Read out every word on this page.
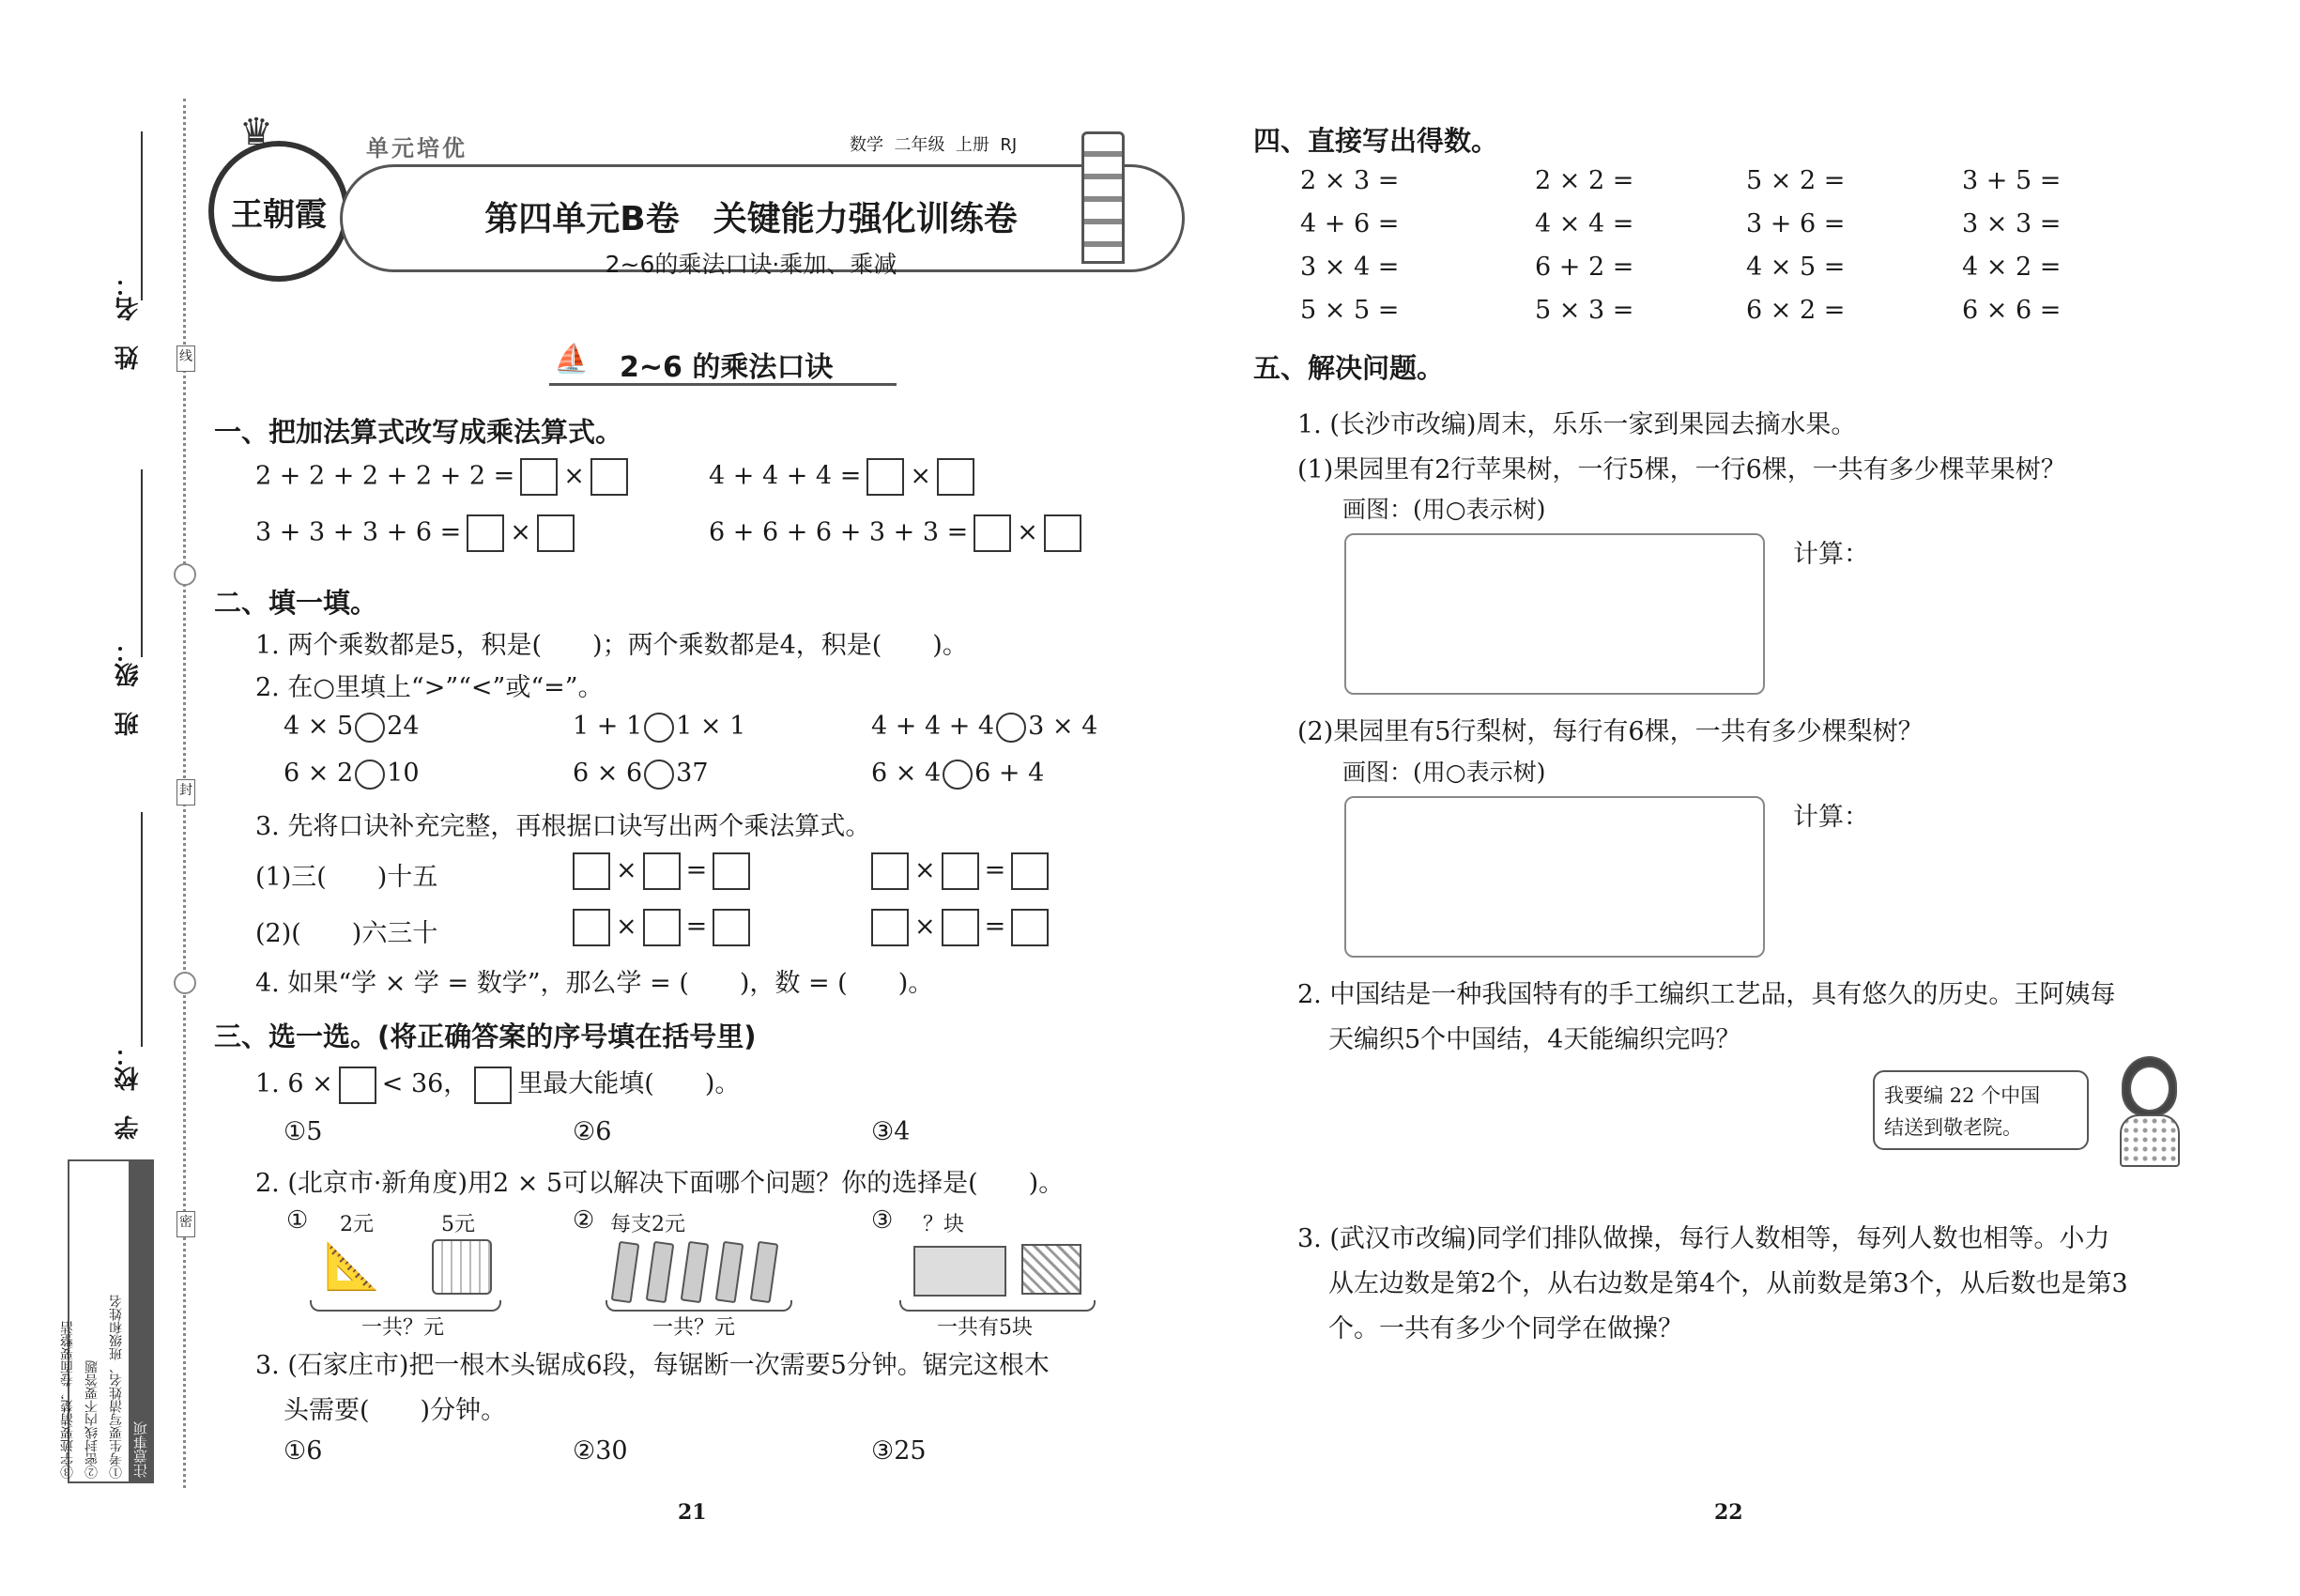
姓　名：
班　级：
学　校：
线
封
密
注意事项
①考生要写清姓名、班级和姓名
②密封线内不要答题
③字迹要清楚，卷面要整洁
王朝霞
♛	单元培优	数学  二年级  上册  RJ
第四单元B卷　关键能力强化训练卷
2~6的乘法口诀·乘加、乘减
⛵ 2~6 的乘法口诀
一、把加法算式改写成乘法算式。
2 + 2 + 2 + 2 + 2 = ×	4 + 4 + 4 = ×
3 + 3 + 3 + 6 = ×	6 + 6 + 6 + 3 + 3 = ×
二、填一填。
1. 两个乘数都是5，积是(　　)；两个乘数都是4，积是(　　)。
2. 在○里填上“>”“<”或“=”。
4 × 5 24	1 + 1 1 × 1	4 + 4 + 4 3 × 4
6 × 2 10	6 × 6 37	6 × 4 6 + 4
3. 先将口诀补充完整，再根据口诀写出两个乘法算式。
(1)三(　　)十五	× =	× =
(2)(　　)六三十	× =	× =
4. 如果“学 × 学 = 数学”，那么学 = (　　)，数 = (　　)。
三、选一选。(将正确答案的序号填在括号里)
1. 6 × < 36， 里最大能填(　　)。
①5	②6	③4
2. (北京市·新角度)用2 × 5可以解决下面哪个问题？你的选择是(　　)。
① 2元	5元
📐
一共？元
② 每支2元
一共？元
③ ？块
一共有5块
3. (石家庄市)把一根木头锯成6段，每锯断一次需要5分钟。锯完这根木
头需要(　　)分钟。
①6	②30	③25
21
四、直接写出得数。
2 × 3 =	2 × 2 =	5 × 2 =	3 + 5 =
4 + 6 =	4 × 4 =	3 + 6 =	3 × 3 =
3 × 4 =	6 + 2 =	4 × 5 =	4 × 2 =
5 × 5 =	5 × 3 =	6 × 2 =	6 × 6 =
五、解决问题。
1. (长沙市改编)周末，乐乐一家到果园去摘水果。
(1)果园里有2行苹果树，一行5棵，一行6棵，一共有多少棵苹果树？
画图：(用○表示树)
计算：
(2)果园里有5行梨树，每行有6棵，一共有多少棵梨树？
画图：(用○表示树)
计算：
2. 中国结是一种我国特有的手工编织工艺品，具有悠久的历史。王阿姨每
天编织5个中国结，4天能编织完吗？
我要编 22 个中国
结送到敬老院。
3. (武汉市改编)同学们排队做操，每行人数相等，每列人数也相等。小力
从左边数是第2个，从右边数是第4个，从前数是第3个，从后数也是第3
个。一共有多少个同学在做操？
22
